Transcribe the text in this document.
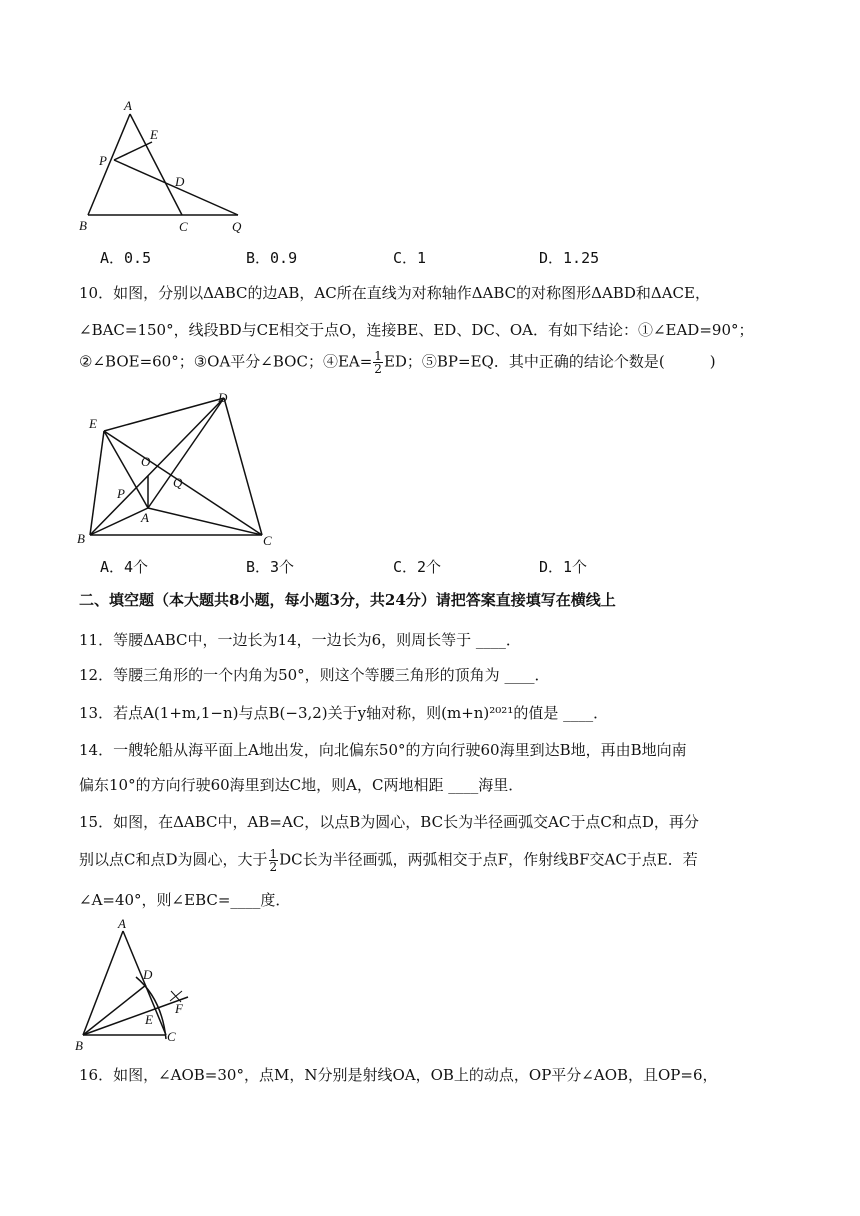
A
E
P
D
B	C	Q
A．0.5	B．0.9	C．1	D．1.25
10．如图，分别以ΔABC的边AB，AC所在直线为对称轴作ΔABC的对称图形ΔABD和ΔACE，
∠BAC=150°，线段BD与CE相交于点O，连接BE、ED、DC、OA．有如下结论：①∠EAD=90°；
②∠BOE=60°；③OA平分∠BOC；④EA= $\frac{1}{2}$ ED；⑤BP=EQ．其中正确的结论个数是(　　　)
D
E
O
Q
P
A
B	C
A．4个	B．3个	C．2个	D．1个
二、填空题（本大题共8小题，每小题3分，共24分）请把答案直接填写在横线上
11．等腰ΔABC中，一边长为14，一边长为6，则周长等于 ____．
12．等腰三角形的一个内角为50°，则这个等腰三角形的顶角为 ____．
13．若点A(1+m,1−n)与点B(−3,2)关于y轴对称，则(m+n)²⁰²¹的值是 ____．
14．一艘轮船从海平面上A地出发，向北偏东50°的方向行驶60海里到达B地，再由B地向南
偏东10°的方向行驶60海里到达C地，则A，C两地相距 ____海里．
15．如图，在ΔABC中，AB=AC，以点B为圆心，BC长为半径画弧交AC于点C和点D，再分
别以点C和点D为圆心，大于 $\frac{1}{2}$ DC长为半径画弧，两弧相交于点F，作射线BF交AC于点E．若
∠A=40°，则∠EBC=____度．
A
D
F
E
B
C
16．如图，∠AOB=30°，点M，N分别是射线OA，OB上的动点，OP平分∠AOB，且OP=6，
